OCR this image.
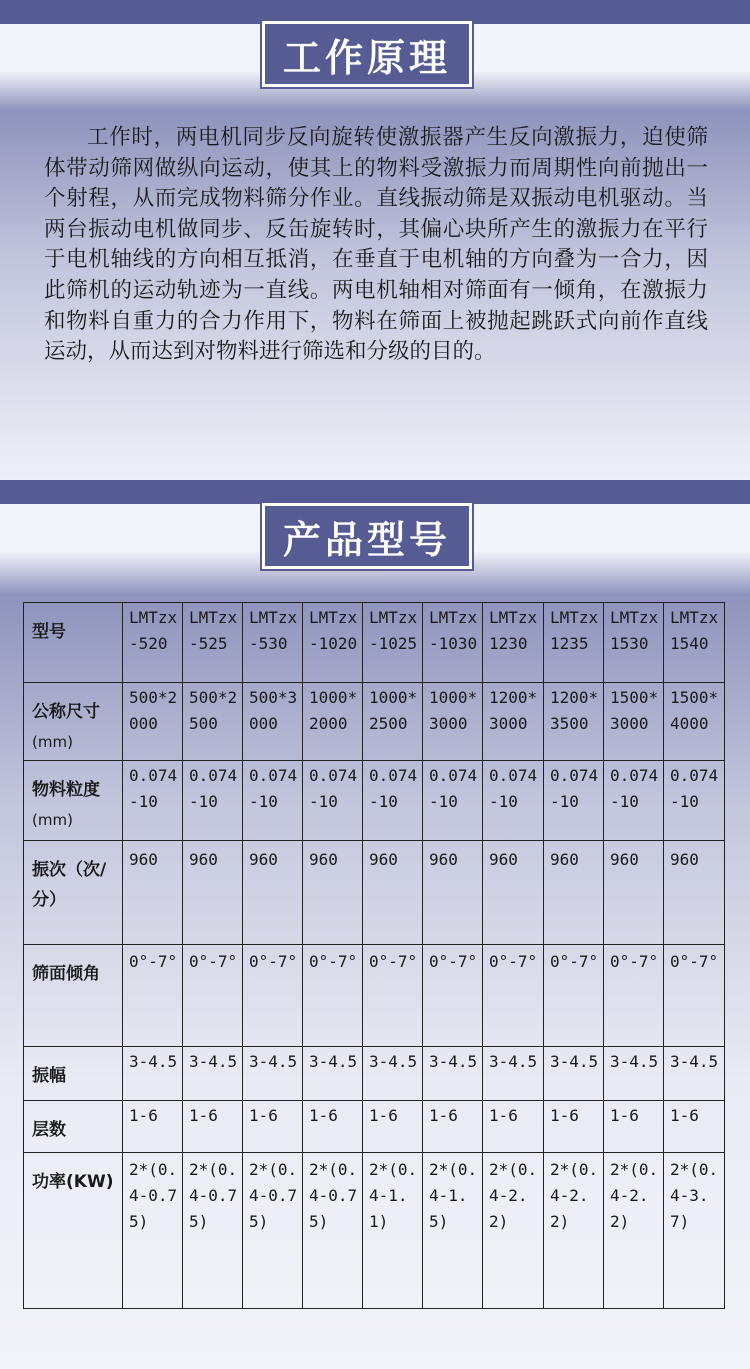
工作原理

工作时，两电机同步反向旋转使激振器产生反向激振力，迫使筛体带动筛网做纵向运动，使其上的物料受激振力而周期性向前抛出一个射程，从而完成物料筛分作业。直线振动筛是双振动电机驱动。当两台振动电机做同步、反缶旋转时，其偏心块所产生的激振力在平行于电机轴线的方向相互抵消，在垂直于电机轴的方向叠为一合力，因此筛机的运动轨迹为一直线。两电机轴相对筛面有一倾角，在激振力和物料自重力的合力作用下，物料在筛面上被抛起跳跃式向前作直线运动，从而达到对物料进行筛选和分级的目的。

产品型号
型号	LMTzx-520	LMTzx-525	LMTzx-530	LMTzx-1020	LMTzx-1025	LMTzx-1030	LMTzx1230	LMTzx1235	LMTzx1530	LMTzx1540
公称尺寸
(mm)	500*2000	500*2500	500*3000	1000*2000	1000*2500	1000*3000	1200*3000	1200*3500	1500*3000	1500*4000
物料粒度
(mm)	0.074-10	0.074-10	0.074-10	0.074-10	0.074-10	0.074-10	0.074-10	0.074-10	0.074-10	0.074-10
振次（次/分）	960	960	960	960	960	960	960	960	960	960
筛面倾角	0°-7°	0°-7°	0°-7°	0°-7°	0°-7°	0°-7°	0°-7°	0°-7°	0°-7°	0°-7°
振幅	3-4.5	3-4.5	3-4.5	3-4.5	3-4.5	3-4.5	3-4.5	3-4.5	3-4.5	3-4.5
层数	1-6	1-6	1-6	1-6	1-6	1-6	1-6	1-6	1-6	1-6
功率(KW)	2*(0.4-0.75)	2*(0.4-0.75)	2*(0.4-0.75)	2*(0.4-0.75)	2*(0.4-1.1)	2*(0.4-1.5)	2*(0.4-2.2)	2*(0.4-2.2)	2*(0.4-2.2)	2*(0.4-3.7)
